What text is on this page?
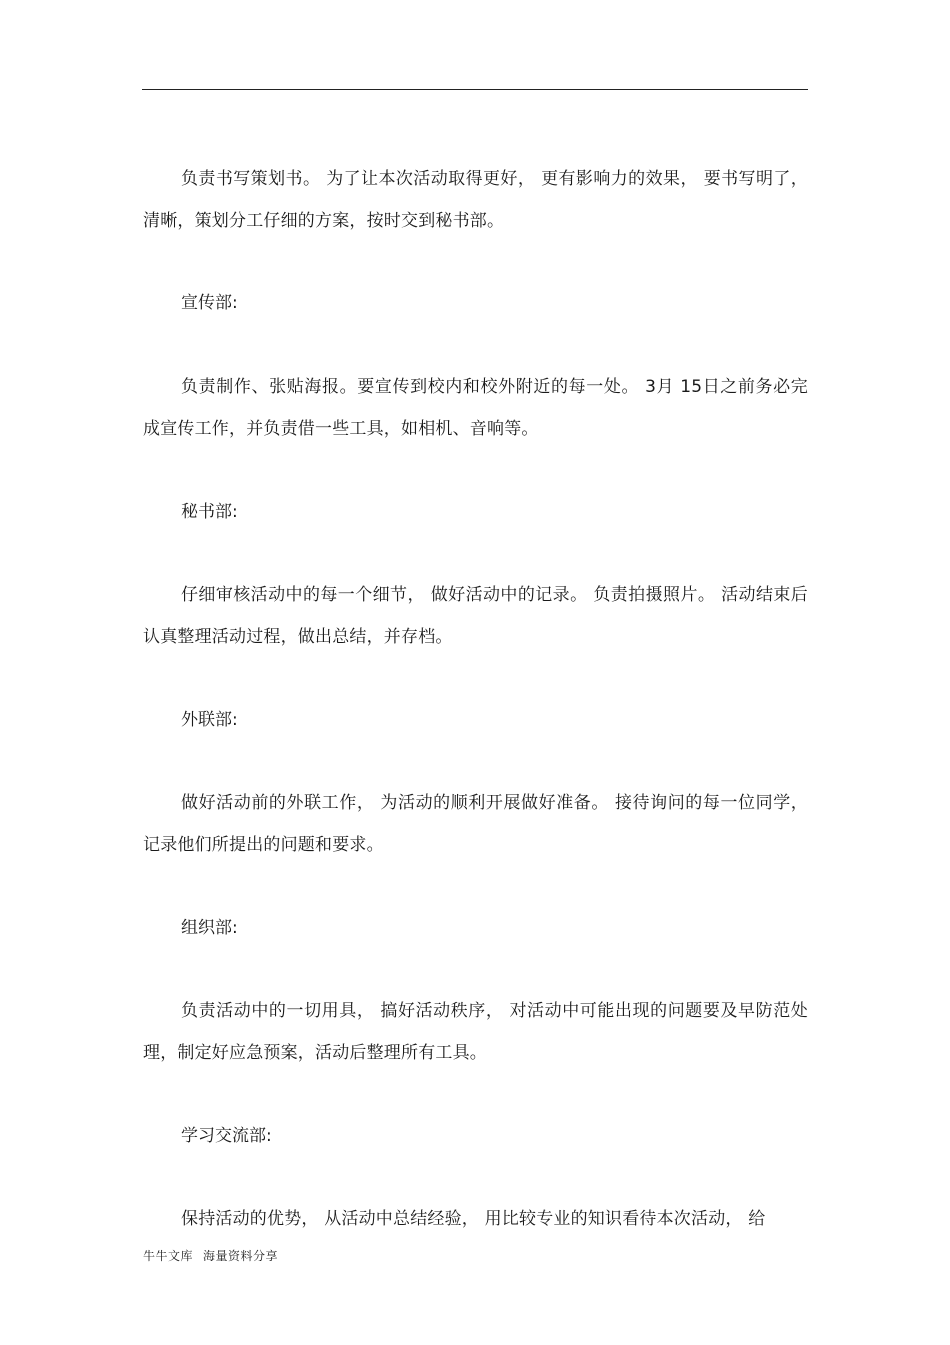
负责书写策划书。 为了让本次活动取得更好， 更有影响力的效果， 要书写明了，清晰，策划分工仔细的方案，按时交到秘书部。

宣传部:

负责制作、张贴海报。要宣传到校内和校外附近的每一处。 3月 15日之前务必完成宣传工作，并负责借一些工具，如相机、音响等。

秘书部:

仔细审核活动中的每一个细节， 做好活动中的记录。 负责拍摄照片。 活动结束后认真整理活动过程，做出总结，并存档。

外联部:

做好活动前的外联工作， 为活动的顺利开展做好准备。 接待询问的每一位同学，记录他们所提出的问题和要求。

组织部:

负责活动中的一切用具， 搞好活动秩序， 对活动中可能出现的问题要及早防范处理，制定好应急预案，活动后整理所有工具。

学习交流部:

保持活动的优势， 从活动中总结经验， 用比较专业的知识看待本次活动， 给

牛牛文库 海量资料分享
